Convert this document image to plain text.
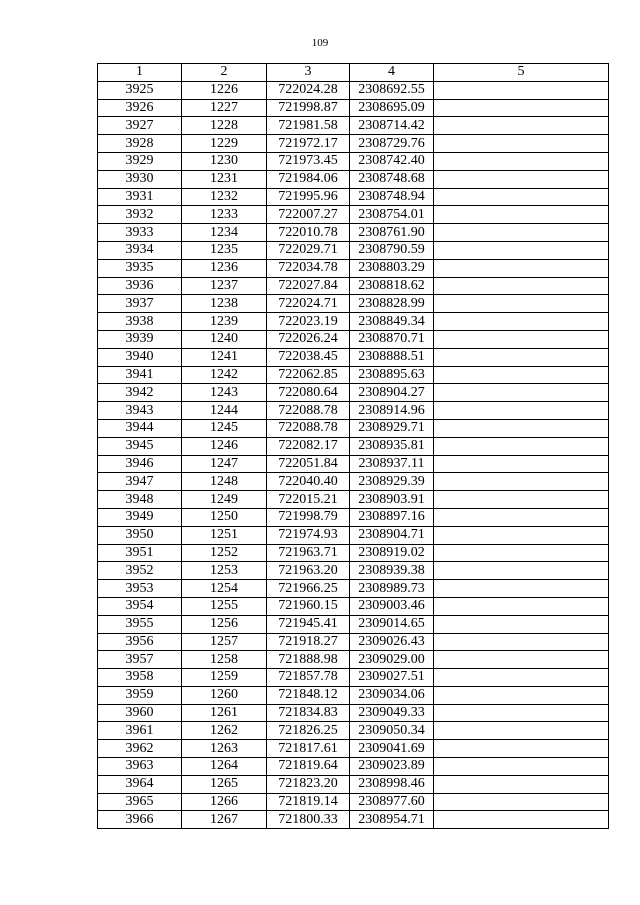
109
1	2	3	4	5
3925	1226	722024.28	2308692.55	
3926	1227	721998.87	2308695.09	
3927	1228	721981.58	2308714.42	
3928	1229	721972.17	2308729.76	
3929	1230	721973.45	2308742.40	
3930	1231	721984.06	2308748.68	
3931	1232	721995.96	2308748.94	
3932	1233	722007.27	2308754.01	
3933	1234	722010.78	2308761.90	
3934	1235	722029.71	2308790.59	
3935	1236	722034.78	2308803.29	
3936	1237	722027.84	2308818.62	
3937	1238	722024.71	2308828.99	
3938	1239	722023.19	2308849.34	
3939	1240	722026.24	2308870.71	
3940	1241	722038.45	2308888.51	
3941	1242	722062.85	2308895.63	
3942	1243	722080.64	2308904.27	
3943	1244	722088.78	2308914.96	
3944	1245	722088.78	2308929.71	
3945	1246	722082.17	2308935.81	
3946	1247	722051.84	2308937.11	
3947	1248	722040.40	2308929.39	
3948	1249	722015.21	2308903.91	
3949	1250	721998.79	2308897.16	
3950	1251	721974.93	2308904.71	
3951	1252	721963.71	2308919.02	
3952	1253	721963.20	2308939.38	
3953	1254	721966.25	2308989.73	
3954	1255	721960.15	2309003.46	
3955	1256	721945.41	2309014.65	
3956	1257	721918.27	2309026.43	
3957	1258	721888.98	2309029.00	
3958	1259	721857.78	2309027.51	
3959	1260	721848.12	2309034.06	
3960	1261	721834.83	2309049.33	
3961	1262	721826.25	2309050.34	
3962	1263	721817.61	2309041.69	
3963	1264	721819.64	2309023.89	
3964	1265	721823.20	2308998.46	
3965	1266	721819.14	2308977.60	
3966	1267	721800.33	2308954.71	
